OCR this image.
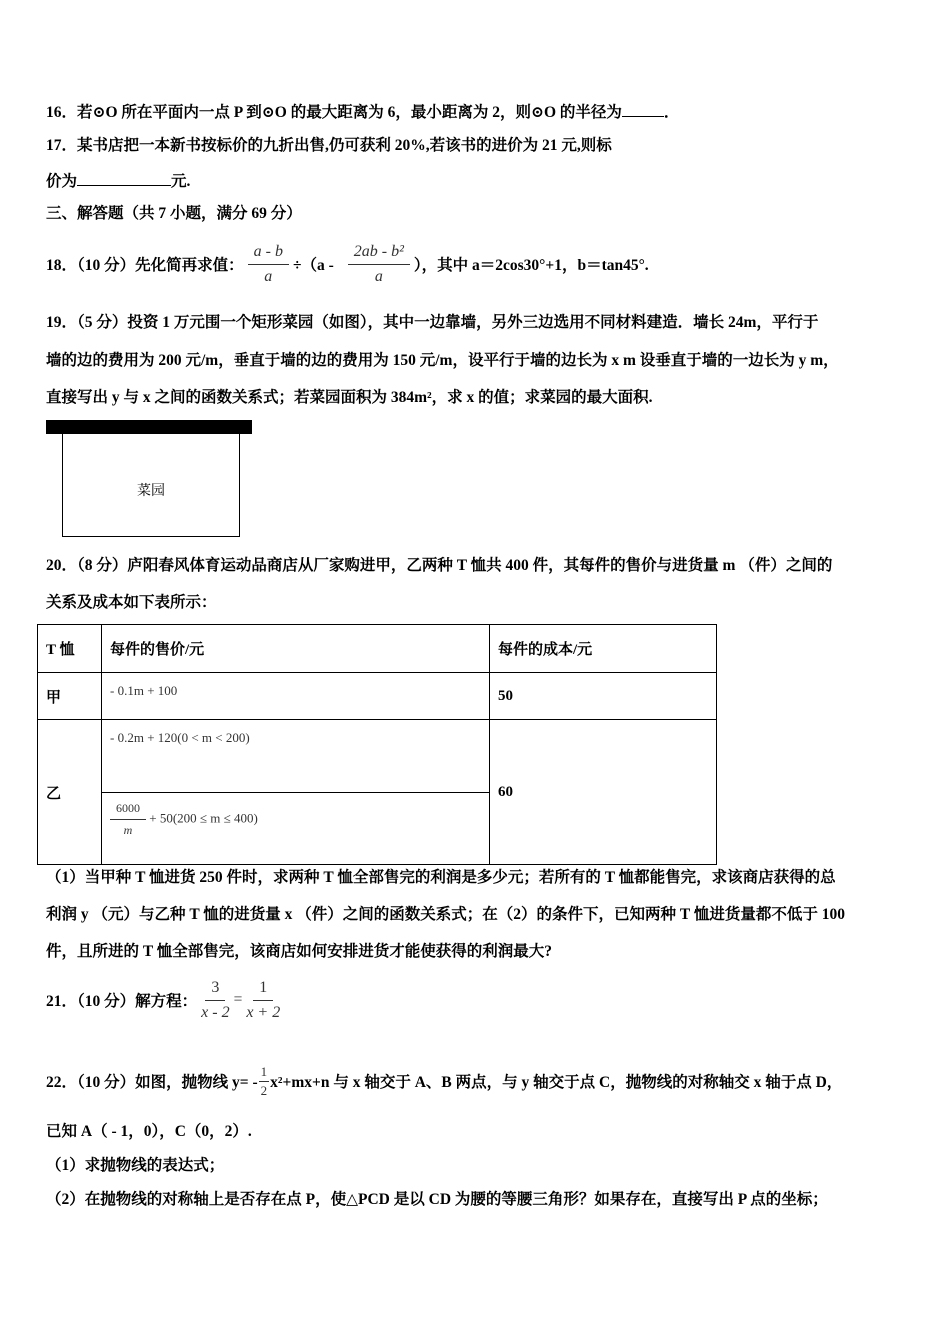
16．若⊙O 所在平面内一点 P 到⊙O 的最大距离为 6，最小距离为 2，则⊙O 的半径为	．
17．某书店把一本新书按标价的九折出售,仍可获利 20%,若该书的进价为 21 元,则标
价为	元.
三、解答题（共 7 小题，满分 69 分）
18．（10 分）先化简再求值： $\frac{a - b}{a} \div(a - \frac{\text{2ab - b²}}{a}$ ），其中 a＝2cos30°+1，b＝tan45°.
19．（5 分）投资 1 万元围一个矩形菜园（如图），其中一边靠墙，另外三边选用不同材料建造．墙长 24m，平行于
墙的边的费用为 200 元/m，垂直于墙的边的费用为 150 元/m，设平行于墙的边长为 x m 设垂直于墙的一边长为 y m，
直接写出 y 与 x 之间的函数关系式；若菜园面积为 384m²，求 x 的值；求菜园的最大面积.
菜园
20．（8 分）庐阳春风体育运动品商店从厂家购进甲，乙两种 T 恤共 400 件，其每件的售价与进货量 m （件）之间的
关系及成本如下表所示：
T 恤	每件的售价/元	每件的成本/元
甲	- 0.1m + 100	50
乙	- 0.2m + 120(0 < m < 200)	60

	$\frac{6000}{m} + 50(200 \le m \le 400)$	
（1）当甲种 T 恤进货 250 件时，求两种 T 恤全部售完的利润是多少元；若所有的 T 恤都能售完，求该商店获得的总
利润 y （元）与乙种 T 恤的进货量 x （件）之间的函数关系式；在（2）的条件下，已知两种 T 恤进货量都不低于 100
件，且所进的 T 恤全部售完，该商店如何安排进货才能使获得的利润最大?
21．（10 分）解方程： $\frac{3}{x - 2} = \frac{1}{x + 2}$
22．（10 分）如图，抛物线 $y= - \frac{1}{2} x^2+mx+n$ 与 x 轴交于 A、B 两点，与 y 轴交于点 C，抛物线的对称轴交 x 轴于点 D，
已知 A（ - 1，0），C（0，2）.
（1）求抛物线的表达式；
（2）在抛物线的对称轴上是否存在点 P，使△PCD 是以 CD 为腰的等腰三角形？如果存在，直接写出 P 点的坐标；
